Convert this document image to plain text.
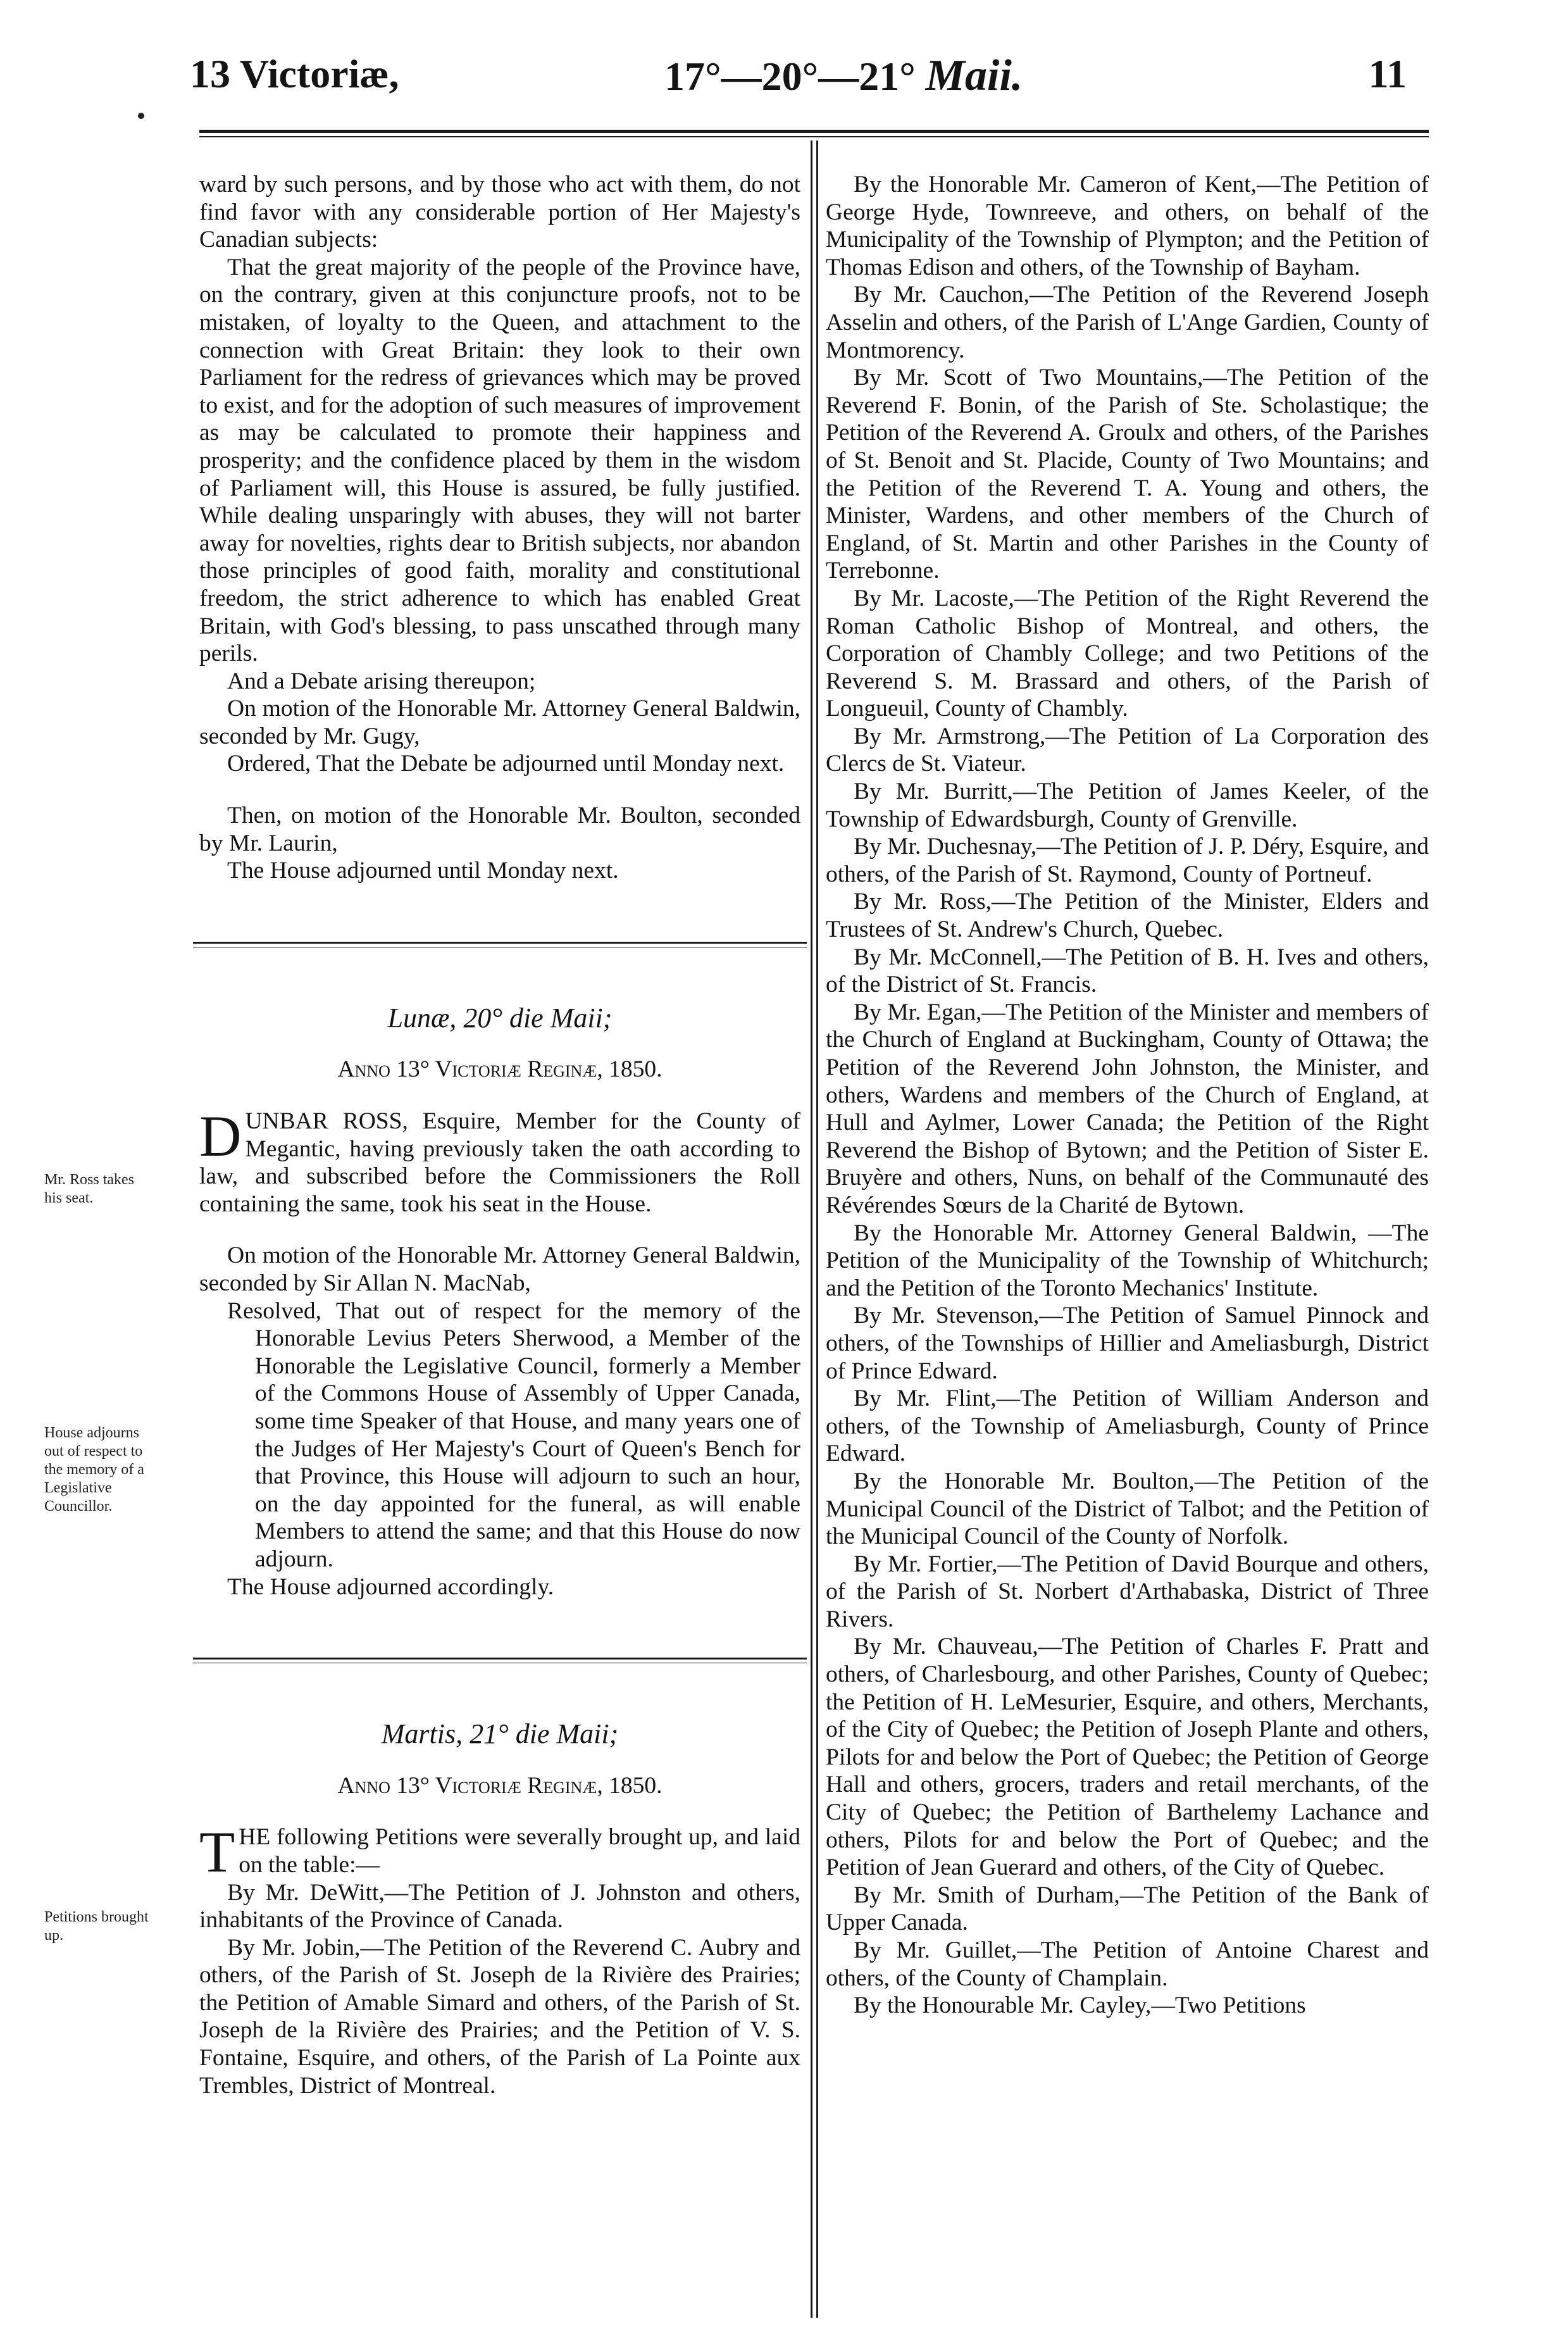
13 Victoriæ,	17°—20°—21° Maii.	11
Mr. Ross takes his seat.
House adjourns out of respect to the memory of a Legislative Councillor.
Petitions brought up.

ward by such persons, and by those who act with them, do not find favor with any considerable portion of Her Majesty's Canadian subjects:

That the great majority of the people of the Province have, on the contrary, given at this conjuncture proofs, not to be mistaken, of loyalty to the Queen, and attachment to the connection with Great Britain: they look to their own Parliament for the redress of grievances which may be proved to exist, and for the adoption of such measures of improvement as may be calculated to promote their happiness and prosperity; and the confidence placed by them in the wisdom of Parliament will, this House is assured, be fully justified. While dealing unsparingly with abuses, they will not barter away for novelties, rights dear to British subjects, nor abandon those principles of good faith, morality and constitutional freedom, the strict adherence to which has enabled Great Britain, with God's blessing, to pass unscathed through many perils.

And a Debate arising thereupon;

On motion of the Honorable Mr. Attorney General Baldwin, seconded by Mr. Gugy,

Ordered, That the Debate be adjourned until Monday next.

Then, on motion of the Honorable Mr. Boulton, seconded by Mr. Laurin,

The House adjourned until Monday next.

Lunæ, 20° die Maii;

Anno 13° Victoriæ Reginæ, 1850.

DUNBAR ROSS, Esquire, Member for the County of Megantic, having previously taken the oath according to law, and subscribed before the Commissioners the Roll containing the same, took his seat in the House.

On motion of the Honorable Mr. Attorney General Baldwin, seconded by Sir Allan N. MacNab,

Resolved, That out of respect for the memory of the Honorable Levius Peters Sherwood, a Member of the Honorable the Legislative Council, formerly a Member of the Commons House of Assembly of Upper Canada, some time Speaker of that House, and many years one of the Judges of Her Majesty's Court of Queen's Bench for that Province, this House will adjourn to such an hour, on the day appointed for the funeral, as will enable Members to attend the same; and that this House do now adjourn.

The House adjourned accordingly.

Martis, 21° die Maii;

Anno 13° Victoriæ Reginæ, 1850.

THE following Petitions were severally brought up, and laid on the table:—

By Mr. DeWitt,—The Petition of J. Johnston and others, inhabitants of the Province of Canada.

By Mr. Jobin,—The Petition of the Reverend C. Aubry and others, of the Parish of St. Joseph de la Rivière des Prairies; the Petition of Amable Simard and others, of the Parish of St. Joseph de la Rivière des Prairies; and the Petition of V. S. Fontaine, Esquire, and others, of the Parish of La Pointe aux Trembles, District of Montreal.

By the Honorable Mr. Cameron of Kent,—The Petition of George Hyde, Townreeve, and others, on behalf of the Municipality of the Township of Plympton; and the Petition of Thomas Edison and others, of the Township of Bayham.

By Mr. Cauchon,—The Petition of the Reverend Joseph Asselin and others, of the Parish of L'Ange Gardien, County of Montmorency.

By Mr. Scott of Two Mountains,—The Petition of the Reverend F. Bonin, of the Parish of Ste. Scholastique; the Petition of the Reverend A. Groulx and others, of the Parishes of St. Benoit and St. Placide, County of Two Mountains; and the Petition of the Reverend T. A. Young and others, the Minister, Wardens, and other members of the Church of England, of St. Martin and other Parishes in the County of Terrebonne.

By Mr. Lacoste,—The Petition of the Right Reverend the Roman Catholic Bishop of Montreal, and others, the Corporation of Chambly College; and two Petitions of the Reverend S. M. Brassard and others, of the Parish of Longueuil, County of Chambly.

By Mr. Armstrong,—The Petition of La Corporation des Clercs de St. Viateur.

By Mr. Burritt,—The Petition of James Keeler, of the Township of Edwardsburgh, County of Grenville.

By Mr. Duchesnay,—The Petition of J. P. Déry, Esquire, and others, of the Parish of St. Raymond, County of Portneuf.

By Mr. Ross,—The Petition of the Minister, Elders and Trustees of St. Andrew's Church, Quebec.

By Mr. McConnell,—The Petition of B. H. Ives and others, of the District of St. Francis.

By Mr. Egan,—The Petition of the Minister and members of the Church of England at Buckingham, County of Ottawa; the Petition of the Reverend John Johnston, the Minister, and others, Wardens and members of the Church of England, at Hull and Aylmer, Lower Canada; the Petition of the Right Reverend the Bishop of Bytown; and the Petition of Sister E. Bruyère and others, Nuns, on behalf of the Communauté des Révérendes Sœurs de la Charité de Bytown.

By the Honorable Mr. Attorney General Baldwin, —The Petition of the Municipality of the Township of Whitchurch; and the Petition of the Toronto Mechanics' Institute.

By Mr. Stevenson,—The Petition of Samuel Pinnock and others, of the Townships of Hillier and Ameliasburgh, District of Prince Edward.

By Mr. Flint,—The Petition of William Anderson and others, of the Township of Ameliasburgh, County of Prince Edward.

By the Honorable Mr. Boulton,—The Petition of the Municipal Council of the District of Talbot; and the Petition of the Municipal Council of the County of Norfolk.

By Mr. Fortier,—The Petition of David Bourque and others, of the Parish of St. Norbert d'Arthabaska, District of Three Rivers.

By Mr. Chauveau,—The Petition of Charles F. Pratt and others, of Charlesbourg, and other Parishes, County of Quebec; the Petition of H. LeMesurier, Esquire, and others, Merchants, of the City of Quebec; the Petition of Joseph Plante and others, Pilots for and below the Port of Quebec; the Petition of George Hall and others, grocers, traders and retail merchants, of the City of Quebec; the Petition of Barthelemy Lachance and others, Pilots for and below the Port of Quebec; and the Petition of Jean Guerard and others, of the City of Quebec.

By Mr. Smith of Durham,—The Petition of the Bank of Upper Canada.

By Mr. Guillet,—The Petition of Antoine Charest and others, of the County of Champlain.

By the Honourable Mr. Cayley,—Two Petitions
